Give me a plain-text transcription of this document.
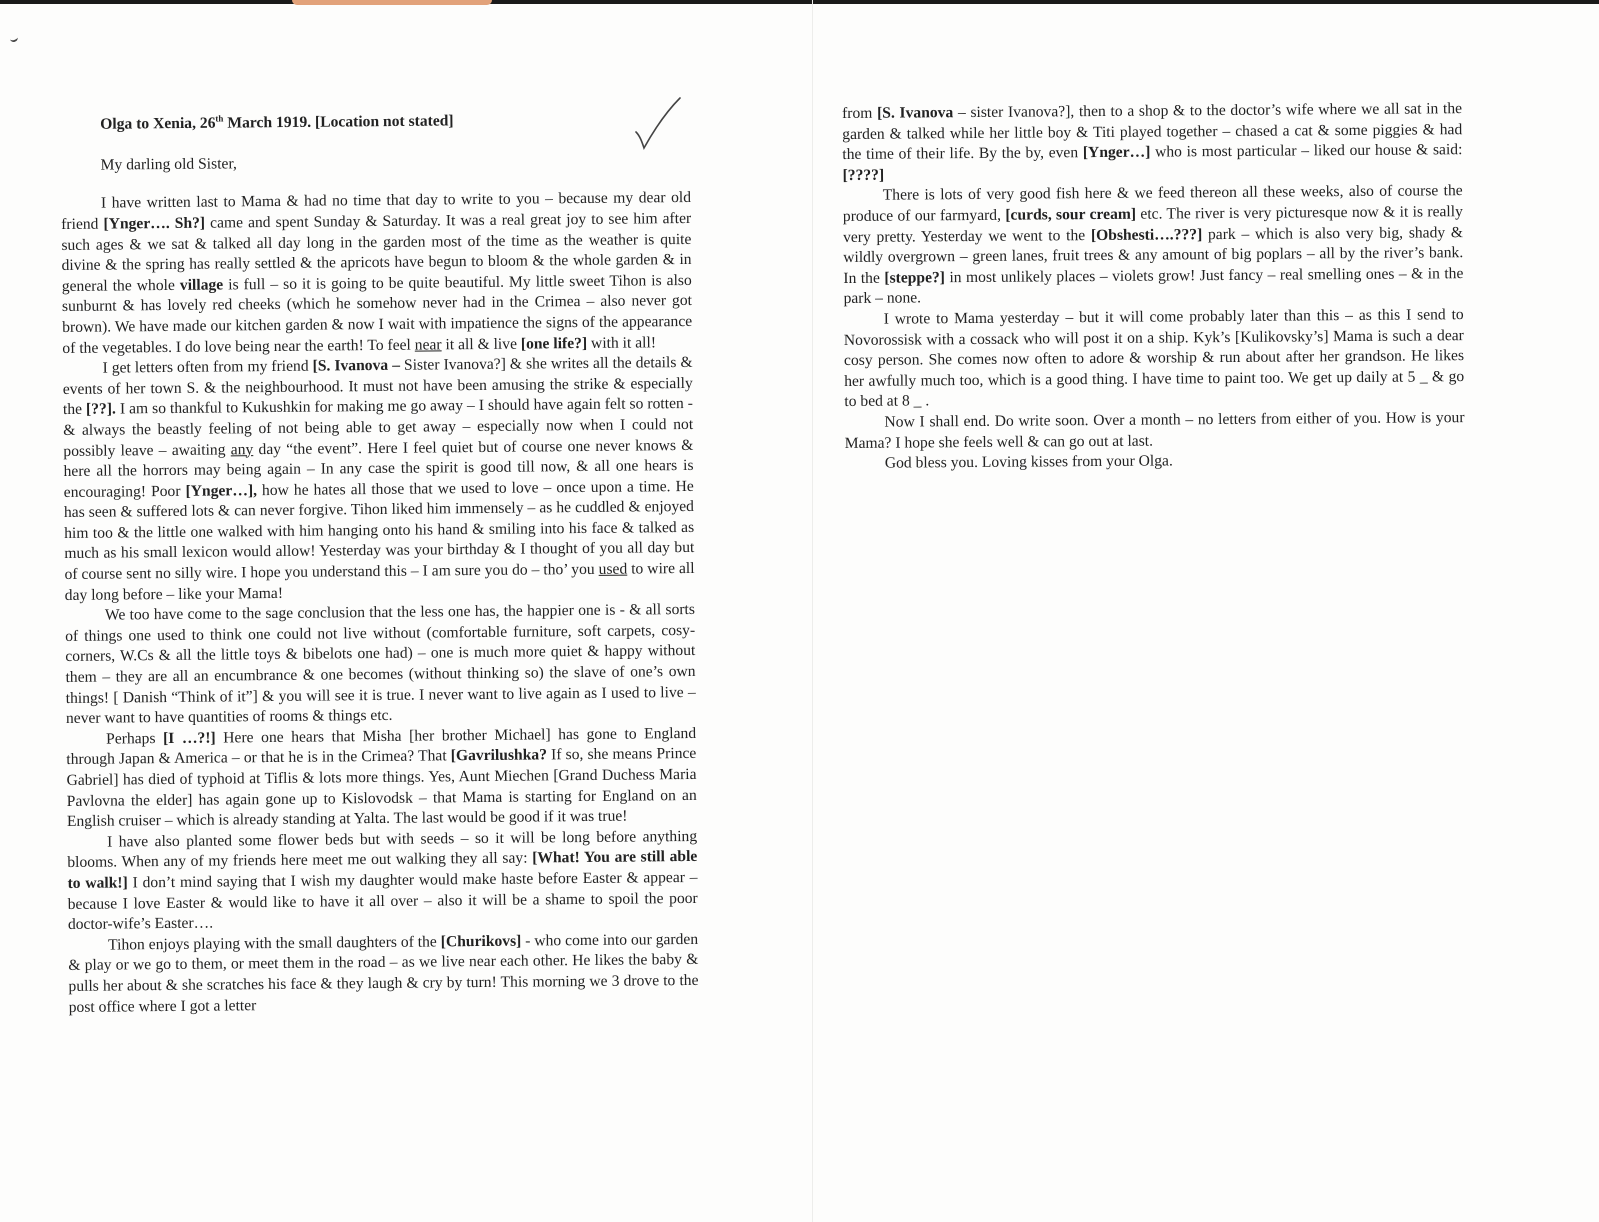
Olga to Xenia, 26th March 1919. [Location not stated]

My darling old Sister,

I have written last to Mama & had no time that day to write to you – because my dear old friend [Ynger…. Sh?] came and spent Sunday & Saturday. It was a real great joy to see him after such ages & we sat & talked all day long in the garden most of the time as the weather is quite divine & the spring has really settled & the apricots have begun to bloom & the whole garden & in general the whole village is full – so it is going to be quite beautiful. My little sweet Tihon is also sunburnt & has lovely red cheeks (which he somehow never had in the Crimea – also never got brown). We have made our kitchen garden & now I wait with impatience the signs of the appearance of the vegetables. I do love being near the earth! To feel near it all & live [one life?] with it all!

I get letters often from my friend [S. Ivanova – Sister Ivanova?] & she writes all the details & events of her town S. & the neighbourhood. It must not have been amusing the strike & especially the [??]. I am so thankful to Kukushkin for making me go away – I should have again felt so rotten - & always the beastly feeling of not being able to get away – especially now when I could not possibly leave – awaiting any day “the event”. Here I feel quiet but of course one never knows & here all the horrors may being again – In any case the spirit is good till now, & all one hears is encouraging! Poor [Ynger…], how he hates all those that we used to love – once upon a time. He has seen & suffered lots & can never forgive. Tihon liked him immensely – as he cuddled & enjoyed him too & the little one walked with him hanging onto his hand & smiling into his face & talked as much as his small lexicon would allow! Yesterday was your birthday & I thought of you all day but of course sent no silly wire. I hope you understand this – I am sure you do – tho’ you used to wire all day long before – like your Mama!

We too have come to the sage conclusion that the less one has, the happier one is - & all sorts of things one used to think one could not live without (comfortable furniture, soft carpets, cosy-corners, W.Cs & all the little toys & bibelots one had) – one is much more quiet & happy without them – they are all an encumbrance & one becomes (without thinking so) the slave of one’s own things! [ Danish “Think of it”] & you will see it is true. I never want to live again as I used to live – never want to have quantities of rooms & things etc.

Perhaps [I …?!] Here one hears that Misha [her brother Michael] has gone to England through Japan & America – or that he is in the Crimea? That [Gavrilushka? If so, she means Prince Gabriel] has died of typhoid at Tiflis & lots more things. Yes, Aunt Miechen [Grand Duchess Maria Pavlovna the elder] has again gone up to Kislovodsk – that Mama is starting for England on an English cruiser – which is already standing at Yalta. The last would be good if it was true!

I have also planted some flower beds but with seeds – so it will be long before anything blooms. When any of my friends here meet me out walking they all say: [What! You are still able to walk!] I don’t mind saying that I wish my daughter would make haste before Easter & appear – because I love Easter & would like to have it all over – also it will be a shame to spoil the poor doctor-wife’s Easter….

Tihon enjoys playing with the small daughters of the [Churikovs] - who come into our garden & play or we go to them, or meet them in the road – as we live near each other. He likes the baby & pulls her about & she scratches his face & they laugh & cry by turn! This morning we 3 drove to the post office where I got a letter

from [S. Ivanova – sister Ivanova?], then to a shop & to the doctor’s wife where we all sat in the garden & talked while her little boy & Titi played together – chased a cat & some piggies & had the time of their life. By the by, even [Ynger…] who is most particular – liked our house & said: [????]

There is lots of very good fish here & we feed thereon all these weeks, also of course the produce of our farmyard, [curds, sour cream] etc. The river is very picturesque now & it is really very pretty. Yesterday we went to the [Obshesti….???] park – which is also very big, shady & wildly overgrown – green lanes, fruit trees & any amount of big poplars – all by the river’s bank. In the [steppe?] in most unlikely places – violets grow! Just fancy – real smelling ones – & in the park – none.

I wrote to Mama yesterday – but it will come probably later than this – as this I send to Novorossisk with a cossack who will post it on a ship. Kyk’s [Kulikovsky’s] Mama is such a dear cosy person. She comes now often to adore & worship & run about after her grandson. He likes her awfully much too, which is a good thing. I have time to paint too. We get up daily at 5 _ & go to bed at 8 _ .

Now I shall end. Do write soon. Over a month – no letters from either of you. How is your Mama? I hope she feels well & can go out at last.

God bless you. Loving kisses from your Olga.
